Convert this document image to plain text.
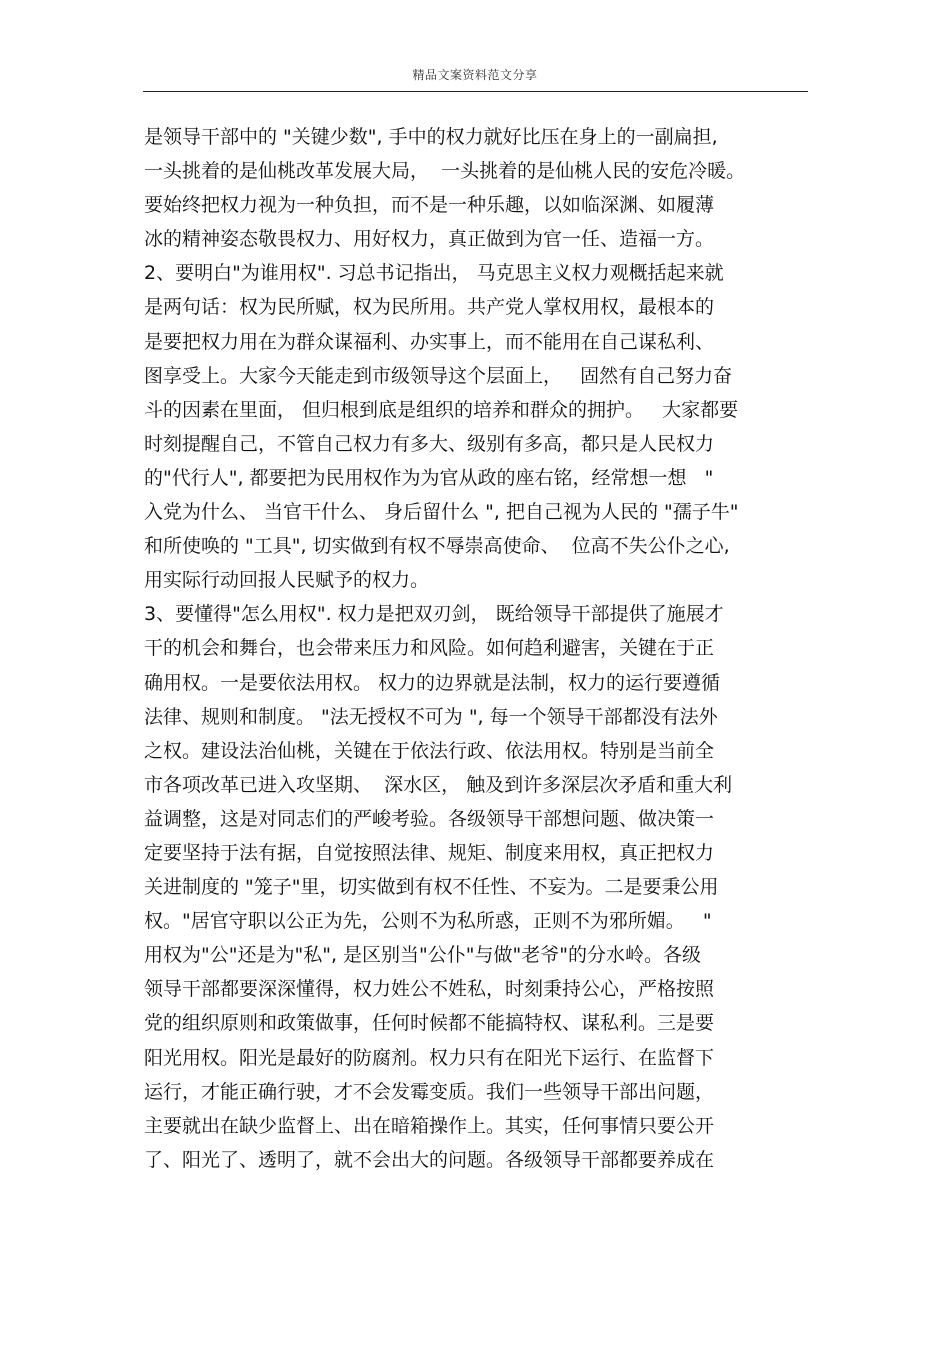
精品文案资料范文分享
是领导干部中的 "关键少数", 手中的权力就好比压在身上的一副扁担,
一头挑着的是仙桃改革发展大局，  一头挑着的是仙桃人民的安危冷暖。
要始终把权力视为一种负担，而不是一种乐趣，以如临深渊、如履薄
冰的精神姿态敬畏权力、用好权力，真正做到为官一任、造福一方。
2、要明白"为谁用权". 习总书记指出， 马克思主义权力观概括起来就
是两句话：权为民所赋，权为民所用。共产党人掌权用权，最根本的
是要把权力用在为群众谋福利、办实事上，而不能用在自己谋私利、
图享受上。大家今天能走到市级领导这个层面上，   固然有自己努力奋
斗的因素在里面， 但归根到底是组织的培养和群众的拥护。   大家都要
时刻提醒自己，不管自己权力有多大、级别有多高，都只是人民权力
的"代行人", 都要把为民用权作为为官从政的座右铭，经常想一想   "
入党为什么、 当官干什么、 身后留什么 ", 把自己视为人民的 "孺子牛"
和所使唤的 "工具", 切实做到有权不辱崇高使命、  位高不失公仆之心,
用实际行动回报人民赋予的权力。
3、要懂得"怎么用权". 权力是把双刃剑， 既给领导干部提供了施展才
干的机会和舞台，也会带来压力和风险。如何趋利避害，关键在于正
确用权。一是要依法用权。 权力的边界就是法制，权力的运行要遵循
法律、规则和制度。 "法无授权不可为 ", 每一个领导干部都没有法外
之权。建设法治仙桃，关键在于依法行政、依法用权。特别是当前全
市各项改革已进入攻坚期、  深水区， 触及到许多深层次矛盾和重大利
益调整，这是对同志们的严峻考验。各级领导干部想问题、做决策一
定要坚持于法有据，自觉按照法律、规矩、制度来用权，真正把权力
关进制度的 "笼子"里，切实做到有权不任性、不妄为。二是要秉公用
权。"居官守职以公正为先，公则不为私所惑，正则不为邪所媚。   "
用权为"公"还是为"私", 是区别当"公仆"与做"老爷"的分水岭。各级
领导干部都要深深懂得，权力姓公不姓私，时刻秉持公心，严格按照
党的组织原则和政策做事，任何时候都不能搞特权、谋私利。三是要
阳光用权。阳光是最好的防腐剂。权力只有在阳光下运行、在监督下
运行，才能正确行驶，才不会发霉变质。我们一些领导干部出问题，
主要就出在缺少监督上、出在暗箱操作上。其实，任何事情只要公开
了、阳光了、透明了，就不会出大的问题。各级领导干部都要养成在
